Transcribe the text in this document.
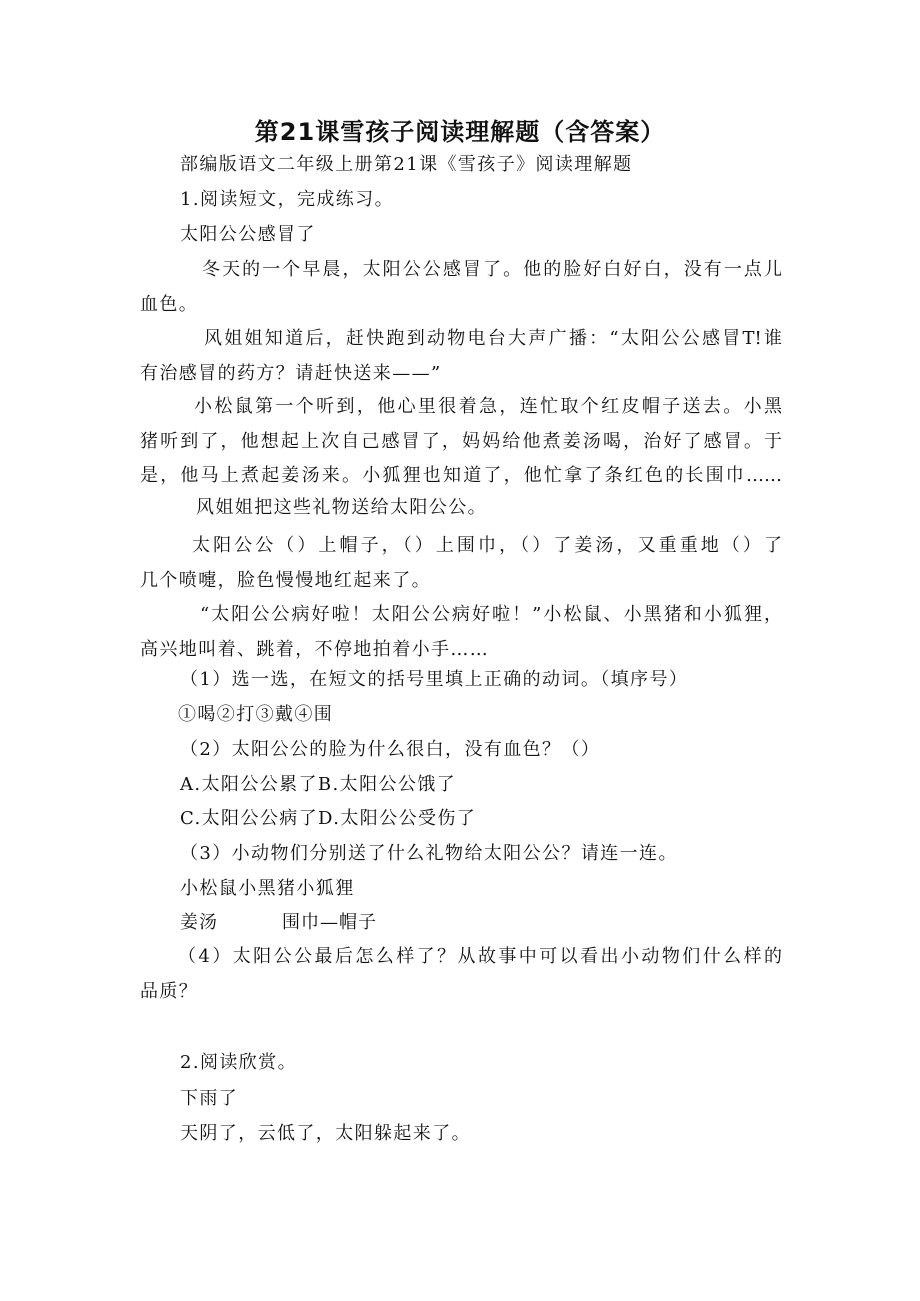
第21课雪孩子阅读理解题（含答案）
部编版语文二年级上册第21课《雪孩子》阅读理解题
1.阅读短文，完成练习。
太阳公公感冒了
冬天的一个早晨，太阳公公感冒了。他的脸好白好白，没有一点儿
血色。
风姐姐知道后，赶快跑到动物电台大声广播：“太阳公公感冒T!谁
有治感冒的药方？请赶快送来——”
小松鼠第一个听到，他心里很着急，连忙取个红皮帽子送去。小黑
猪听到了，他想起上次自己感冒了，妈妈给他煮姜汤喝，治好了感冒。于
是，他马上煮起姜汤来。小狐狸也知道了，他忙拿了条红色的长围巾……
风姐姐把这些礼物送给太阳公公。
太阳公公（）上帽子，（）上围巾，（）了姜汤，又重重地（）了
几个喷嚏，脸色慢慢地红起来了。
“太阳公公病好啦！太阳公公病好啦！”小松鼠、小黑猪和小狐狸，
高兴地叫着、跳着，不停地拍着小手……
（1）选一选，在短文的括号里填上正确的动词。（填序号）
①喝②打③戴④围
（2）太阳公公的脸为什么很白，没有血色？（）
A.太阳公公累了B.太阳公公饿了
C.太阳公公病了D.太阳公公受伤了
（3）小动物们分别送了什么礼物给太阳公公？请连一连。
小松鼠小黑猪小狐狸
姜汤	围巾—帽子
（4）太阳公公最后怎么样了？从故事中可以看出小动物们什么样的
品质？
2.阅读欣赏。
下雨了
天阴了，云低了，太阳躲起来了。
